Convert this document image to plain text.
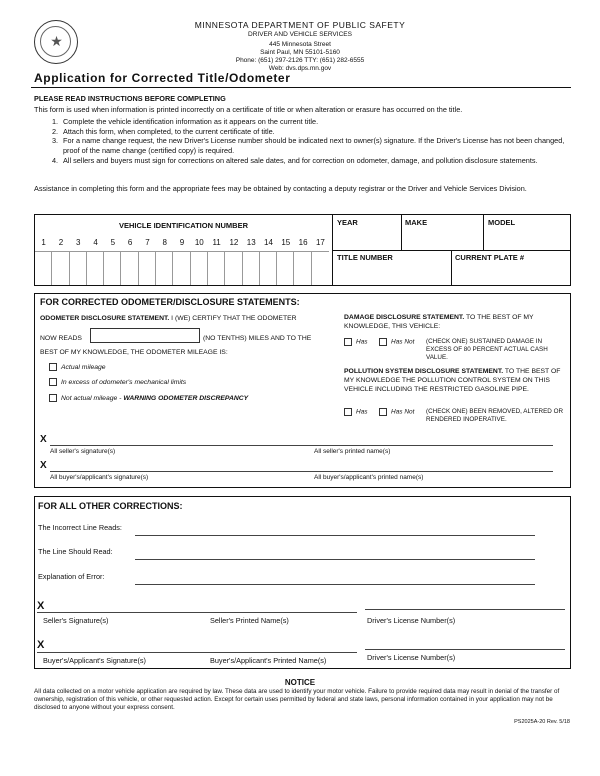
★
MINNESOTA DEPARTMENT OF PUBLIC SAFETY
DRIVER AND VEHICLE SERVICES
445 Minnesota Street
Saint Paul, MN 55101-5160
Phone: (651) 297-2126 TTY: (651) 282-6555
Web: dvs.dps.mn.gov
Application for Corrected Title/Odometer
PLEASE READ INSTRUCTIONS BEFORE COMPLETING
This form is used when information is printed incorrectly on a certificate of title or when alteration or erasure has occurred on the title.
1. Complete the vehicle identification information as it appears on the current title.
2. Attach this form, when completed, to the current certificate of title.
3. For a name change request, the new Driver's License number should be indicated next to owner(s) signature. If the Driver's License has not been changed, proof of the name change (certified copy) is required.
4. All sellers and buyers must sign for corrections on altered sale dates, and for correction on odometer, damage, and pollution disclosure statements.
Assistance in completing this form and the appropriate fees may be obtained by contacting a deputy registrar or the Driver and Vehicle Services Division.
VEHICLE IDENTIFICATION NUMBER
1	2	3	4	5	6	7	8	9	10	11	12	13	14	15	16	17
YEAR	MAKE	MODEL
TITLE NUMBER	CURRENT PLATE #
FOR CORRECTED ODOMETER/DISCLOSURE STATEMENTS:
ODOMETER DISCLOSURE STATEMENT. I (WE) CERTIFY THAT THE ODOMETER
NOW READS	(NO TENTHS) MILES AND TO THE
BEST OF MY KNOWLEDGE, THE ODOMETER MILEAGE IS:
Actual mileage
In excess of odometer's mechanical limits
Not actual mileage - WARNING ODOMETER DISCREPANCY
DAMAGE DISCLOSURE STATEMENT. TO THE BEST OF MY KNOWLEDGE, THIS VEHICLE:
Has	Has Not (CHECK ONE) SUSTAINED DAMAGE IN EXCESS OF 80 PERCENT ACTUAL CASH VALUE.
POLLUTION SYSTEM DISCLOSURE STATEMENT. TO THE BEST OF MY KNOWLEDGE THE POLLUTION CONTROL SYSTEM ON THIS VEHICLE INCLUDING THE RESTRICTED GASOLINE PIPE.
Has	Has Not (CHECK ONE) BEEN REMOVED, ALTERED OR RENDERED INOPERATIVE.
X
All seller's signature(s)	All seller's printed name(s)
X
All buyer's/applicant's signature(s)	All buyer's/applicant's printed name(s)
FOR ALL OTHER CORRECTIONS:
The Incorrect Line Reads:
The Line Should Read:
Explanation of Error:
X
Seller's Signature(s)	Seller's Printed Name(s)	Driver's License Number(s)
X
Buyer's/Applicant's Signature(s)	Buyer's/Applicant's Printed Name(s)	Driver's License Number(s)
NOTICE
All data collected on a motor vehicle application are required by law. These data are used to identify your motor vehicle. Failure to provide required data may result in denial of the transfer of ownership, registration of this vehicle, or other requested action. Except for certain uses permitted by federal and state laws, personal information contained in your application may not be disclosed to anyone without your express consent.
PS2025A-20 Rev. 5/18
